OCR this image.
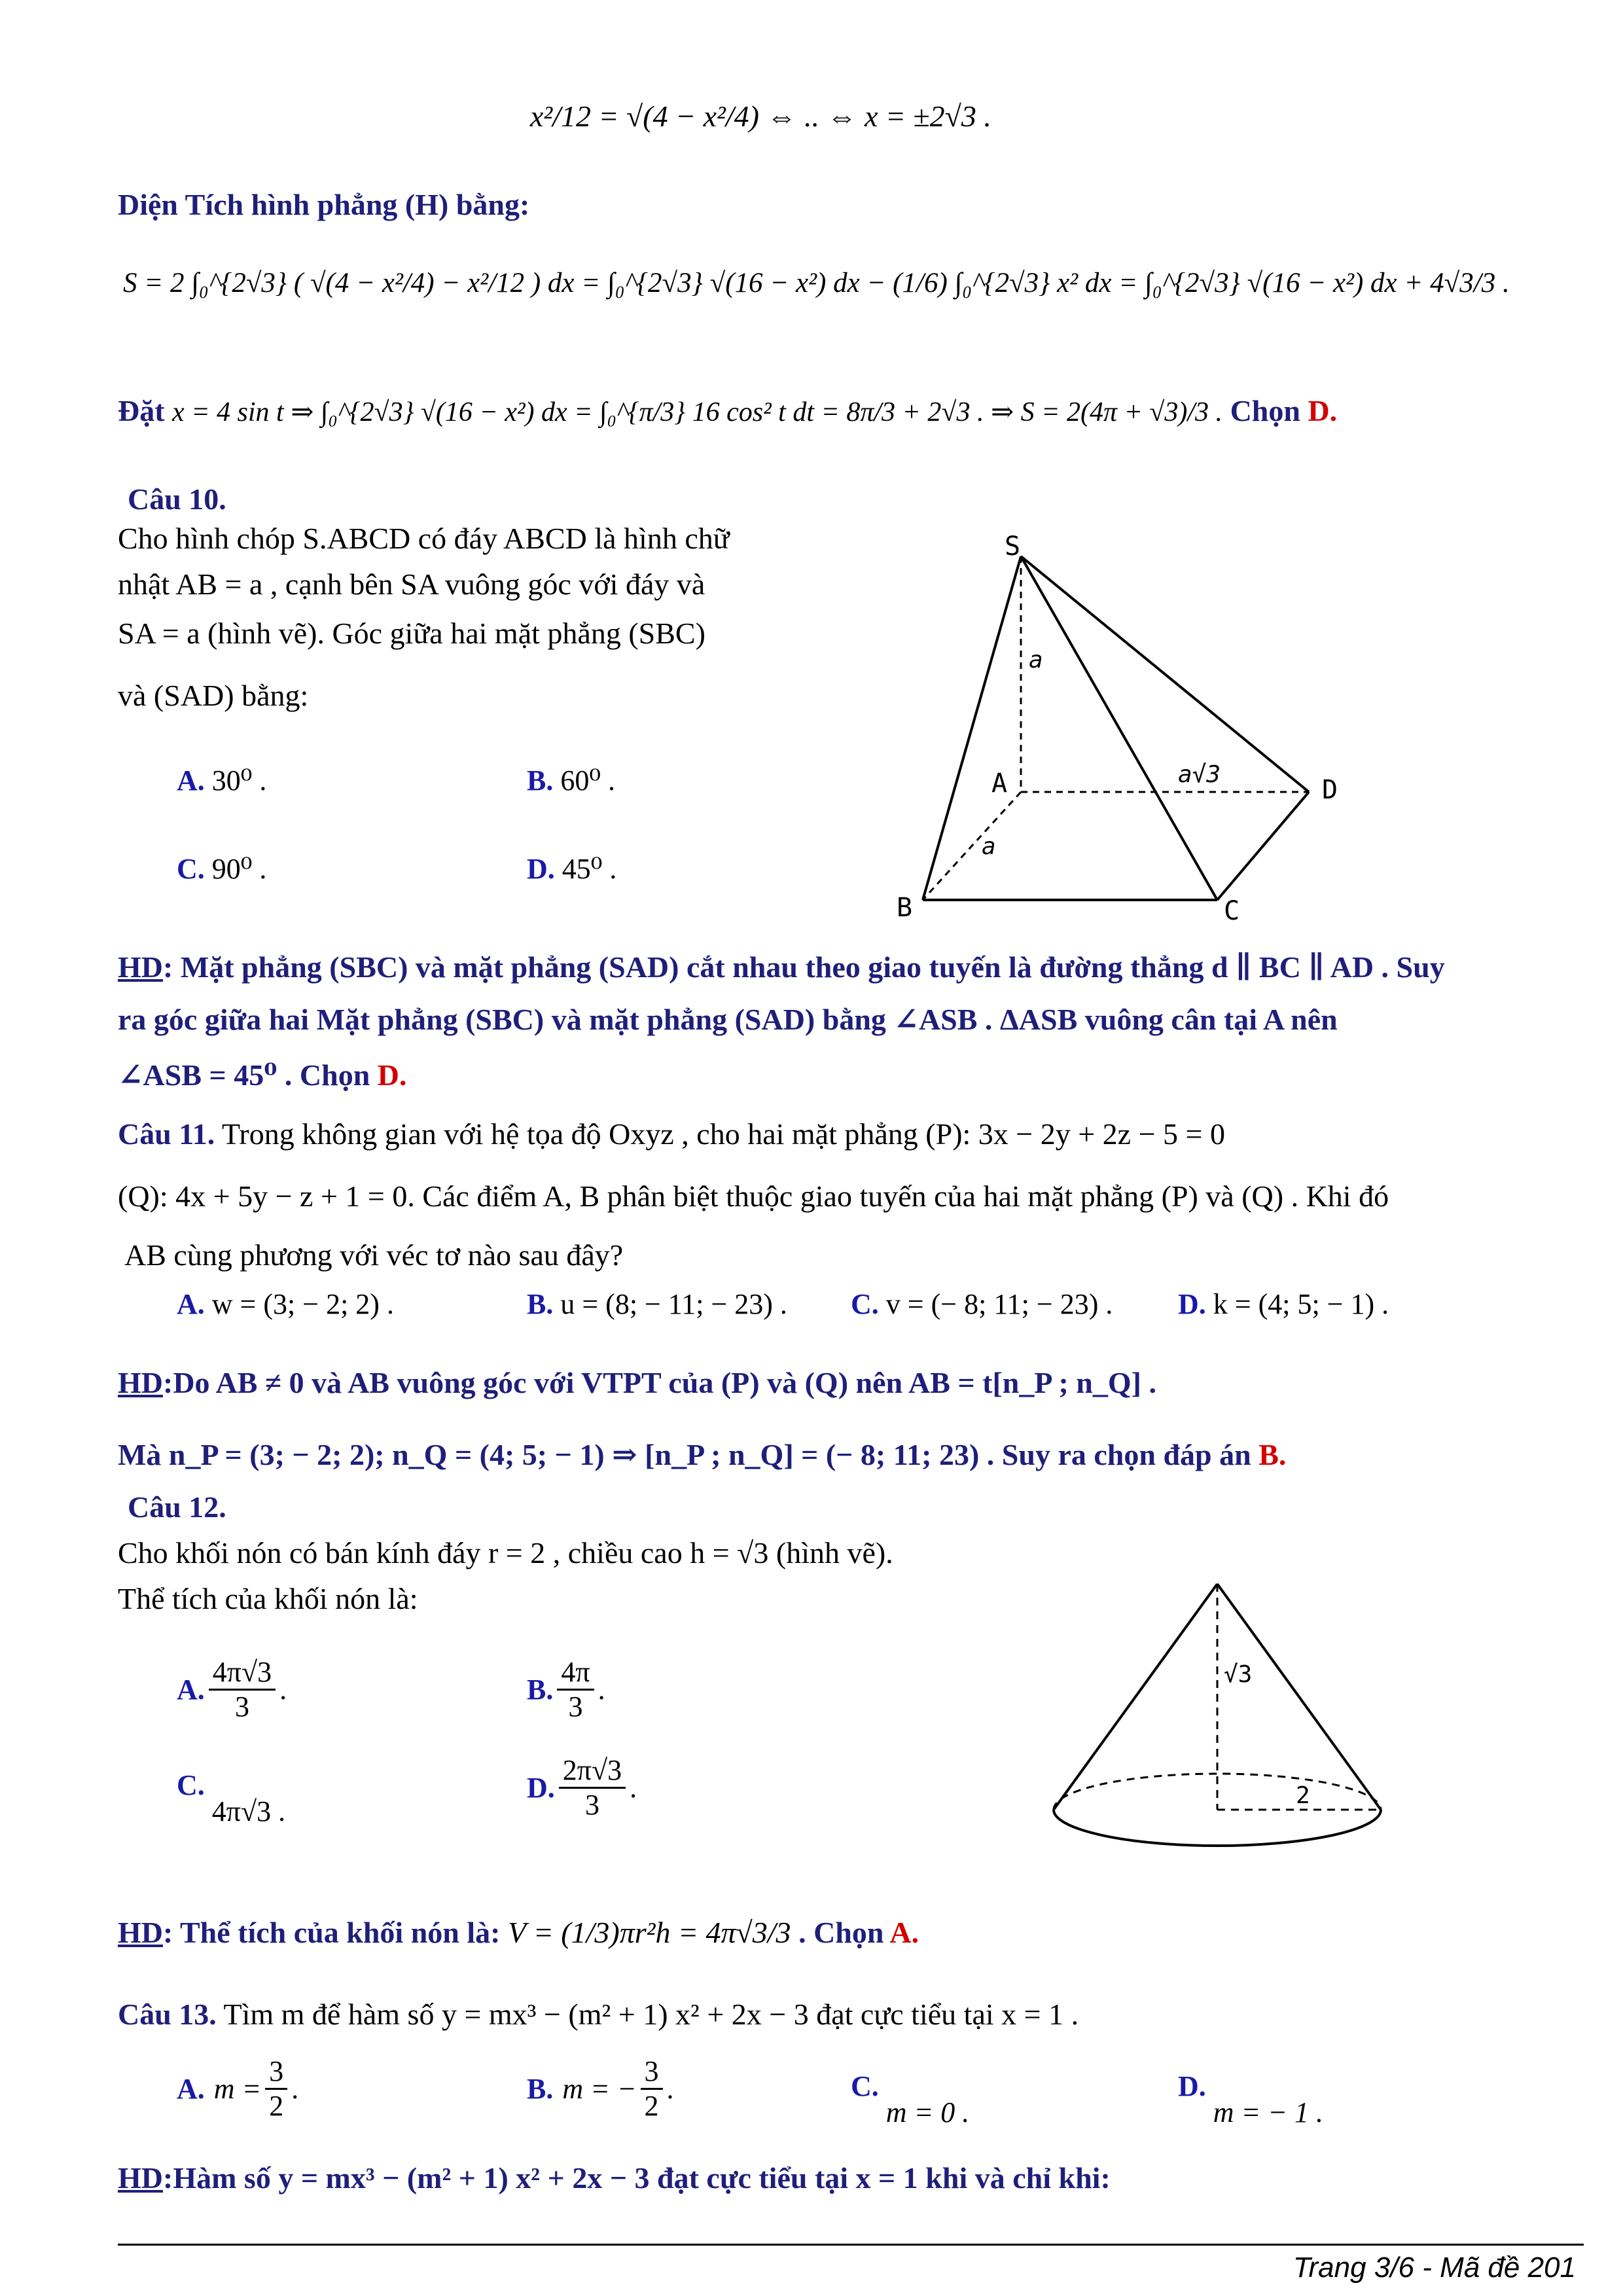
x²/12 = √(4 − x²/4) ⇔ .. ⇔ x = ±2√3 .
Diện Tích hình phẳng (H) bằng:
S = 2 ∫₀^{2√3} ( √(4 − x²/4) − x²/12 ) dx = ∫₀^{2√3} √(16 − x²) dx − (1/6) ∫₀^{2√3} x² dx = ∫₀^{2√3} √(16 − x²) dx + 4√3/3 .
Đặt x = 4 sin t ⇒ ∫₀^{2√3} √(16 − x²) dx = ∫₀^{π/3} 16 cos² t dt = 8π/3 + 2√3 . ⇒ S = 2(4π + √3)/3 . Chọn D.
Câu 10.
Cho hình chóp S.ABCD có đáy ABCD là hình chữ
nhật AB = a , cạnh bên SA vuông góc với đáy và
SA = a (hình vẽ). Góc giữa hai mặt phẳng (SBC)
và (SAD) bằng:
A. 30⁰ .	B. 60⁰ .
C. 90⁰ .	D. 45⁰ .
S
A
B	C
D
a
a
a√3
HD: Mặt phẳng (SBC) và mặt phẳng (SAD) cắt nhau theo giao tuyến là đường thẳng d ∥ BC ∥ AD . Suy
ra góc giữa hai Mặt phẳng (SBC) và mặt phẳng (SAD) bằng ∠ASB . ΔASB vuông cân tại A nên
∠ASB = 45⁰ . Chọn D.
Câu 11. Trong không gian với hệ tọa độ Oxyz , cho hai mặt phẳng (P): 3x − 2y + 2z − 5 = 0
(Q): 4x + 5y − z + 1 = 0. Các điểm A, B phân biệt thuộc giao tuyến của hai mặt phẳng (P) và (Q) . Khi đó
AB cùng phương với véc tơ nào sau đây?
A. w = (3; − 2; 2) .	B. u = (8; − 11; − 23) . C. v = (− 8; 11; − 23) . D. k = (4; 5; − 1) .
HD:Do AB ≠ 0 và AB vuông góc với VTPT của (P) và (Q) nên AB = t[n_P ; n_Q] .
Mà n_P = (3; − 2; 2); n_Q = (4; 5; − 1) ⇒ [n_P ; n_Q] = (− 8; 11; 23) . Suy ra chọn đáp án B.
Câu 12.
Cho khối nón có bán kính đáy r = 2 , chiều cao h = √3 (hình vẽ).
Thể tích của khối nón là:
A. $\frac{4\pi√3}{3}$ .	B. $\frac{4\pi}{3}$ .
C. 4π√3 .
D. $\frac{2\pi√3}{3}$ .
√3
2
HD: Thể tích của khối nón là: V = (1/3)πr²h = 4π√3/3 . Chọn A.
Câu 13. Tìm m để hàm số y = mx³ − (m² + 1) x² + 2x − 3 đạt cực tiểu tại x = 1 .
A. $m = \frac{3}{2}$ .	B. m = − $\frac{3}{2}$ .	C. m = 0 .
D. m = − 1 .
HD:Hàm số y = mx³ − (m² + 1) x² + 2x − 3 đạt cực tiểu tại x = 1 khi và chỉ khi:
Trang 3/6 - Mã đề 201
